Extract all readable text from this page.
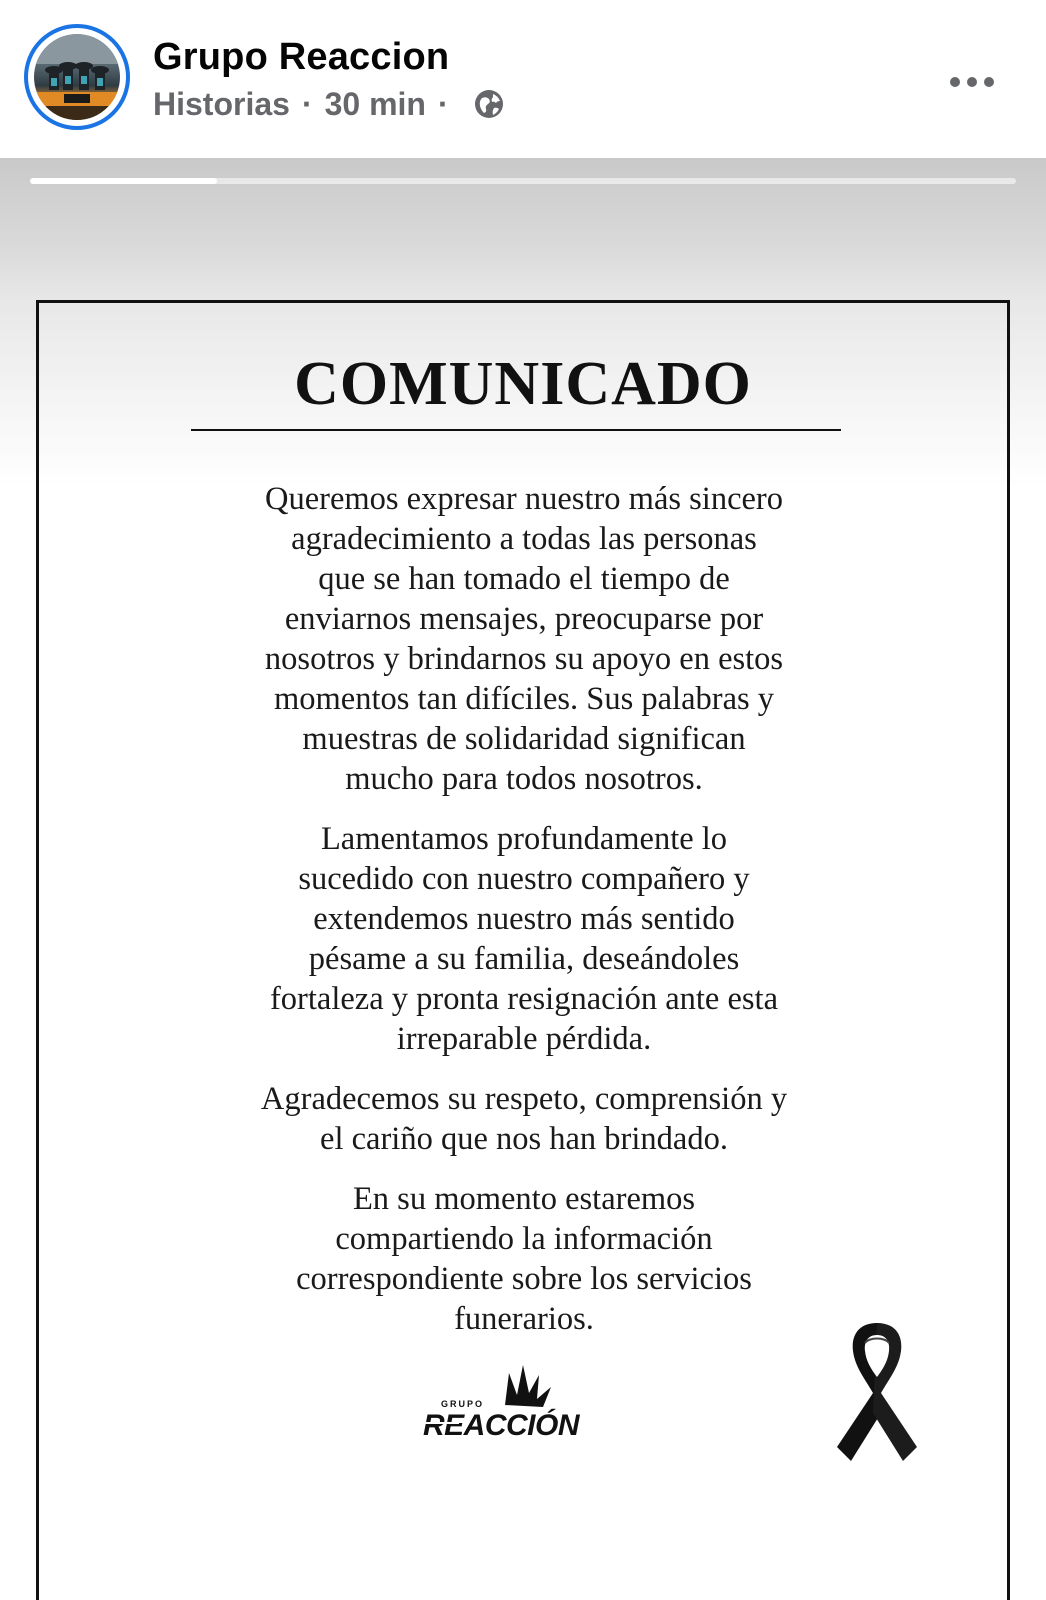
Grupo Reaccion
Historias · 30 min ·
COMUNICADO
Queremos expresar nuestro más sincero
agradecimiento a todas las personas
que se han tomado el tiempo de
enviarnos mensajes, preocuparse por
nosotros y brindarnos su apoyo en estos
momentos tan difíciles. Sus palabras y
muestras de solidaridad significan
mucho para todos nosotros.
Lamentamos profundamente lo
sucedido con nuestro compañero y
extendemos nuestro más sentido
pésame a su familia, deseándoles
fortaleza y pronta resignación ante esta
irreparable pérdida.
Agradecemos su respeto, comprensión y
el cariño que nos han brindado.
En su momento estaremos
compartiendo la información
correspondiente sobre los servicios
funerarios.
GRUPO
REACCIÓN
